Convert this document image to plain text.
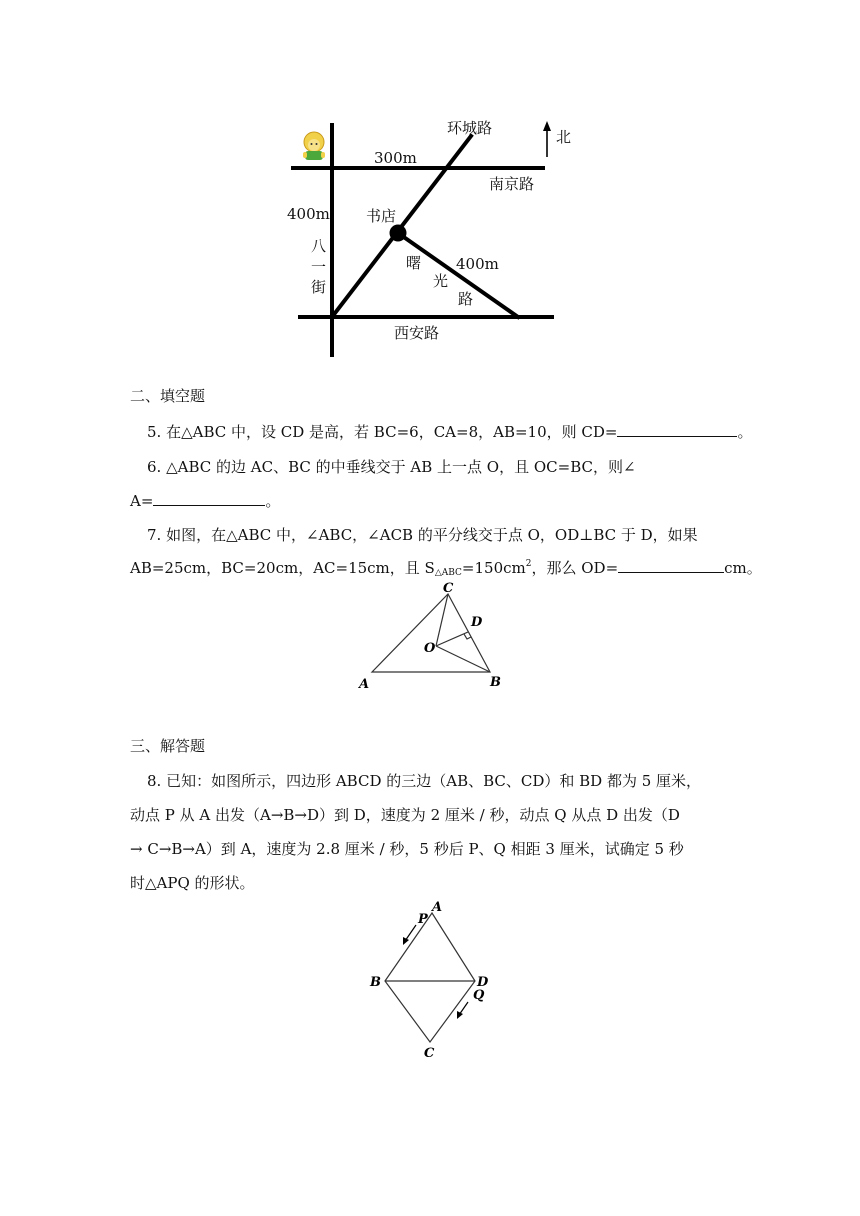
北
环城路
300m
南京路
400m 书店
八
一
街
曙
光
路
400m
西安路
二、填空题
5. 在△ABC 中，设 CD 是高，若 BC=6，CA=8，AB=10，则 CD=	。
6. △ABC 的边 AC、BC 的中垂线交于 AB 上一点 O，且 OC=BC，则∠
A=	。
7. 如图，在△ABC 中，∠ABC，∠ACB 的平分线交于点 O，OD⊥BC 于 D，如果
AB=25cm，BC=20cm，AC=15cm，且 $S\triangle ABC=150cm^2$，那么 OD=	cm。
C
D
O
A	B
三、解答题
8. 已知：如图所示，四边形 ABCD 的三边（AB、BC、CD）和 BD 都为 5 厘米，
动点 P 从 A 出发（A→B→D）到 D，速度为 2 厘米 / 秒，动点 Q 从点 D 出发（D
→ C→B→A）到 A，速度为 2.8 厘米 / 秒，5 秒后 P、Q 相距 3 厘米，试确定 5 秒
时△APQ 的形状。
P
A
B	D
Q
C
